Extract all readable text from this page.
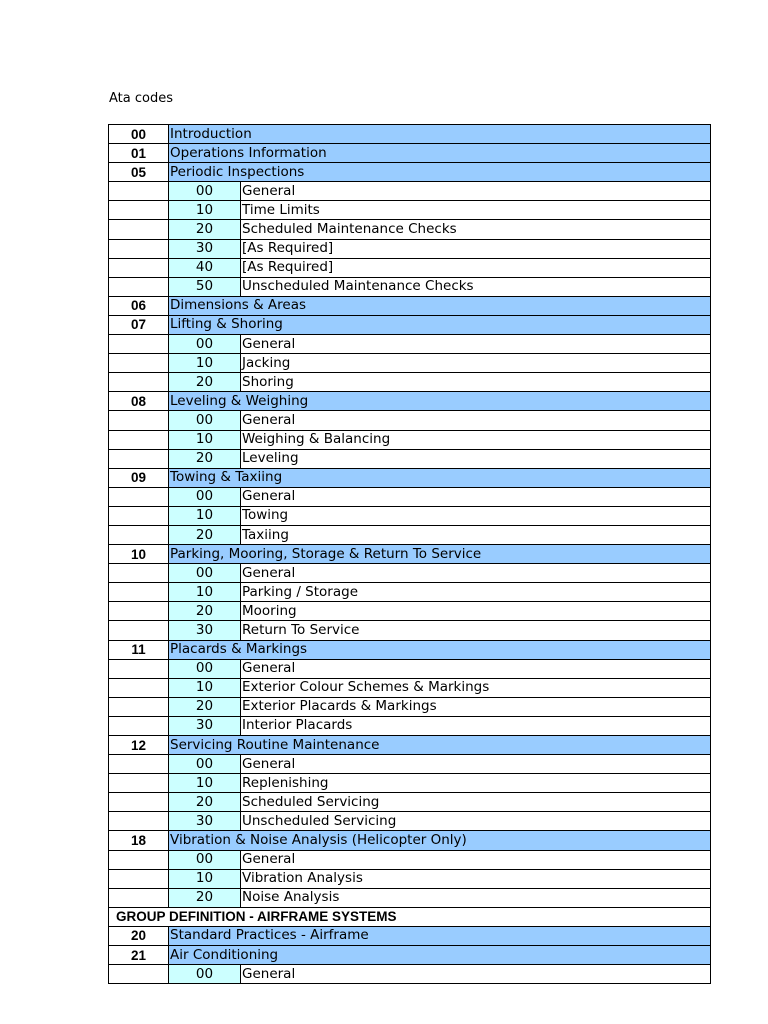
Ata codes
00	Introduction	
01	Operations Information	
05	Periodic Inspections	
	00	General
	10	Time Limits
	20	Scheduled Maintenance Checks
	30	[As Required]
	40	[As Required]
	50	Unscheduled Maintenance Checks
06	Dimensions & Areas	
07	Lifting & Shoring	
	00	General
	10	Jacking
	20	Shoring
08	Leveling & Weighing	
	00	General
	10	Weighing & Balancing
	20	Leveling
09	Towing & Taxiing	
	00	General
	10	Towing
	20	Taxiing
10	Parking, Mooring, Storage & Return To Service	
	00	General
	10	Parking / Storage
	20	Mooring
	30	Return To Service
11	Placards & Markings	
	00	General
	10	Exterior Colour Schemes & Markings
	20	Exterior Placards & Markings
	30	Interior Placards
12	Servicing Routine Maintenance	
	00	General
	10	Replenishing
	20	Scheduled Servicing
	30	Unscheduled Servicing
18	Vibration & Noise Analysis (Helicopter Only)	
	00	General
	10	Vibration Analysis
	20	Noise Analysis
GROUP DEFINITION - AIRFRAME SYSTEMS		
20	Standard Practices - Airframe	
21	Air Conditioning	
	00	General
